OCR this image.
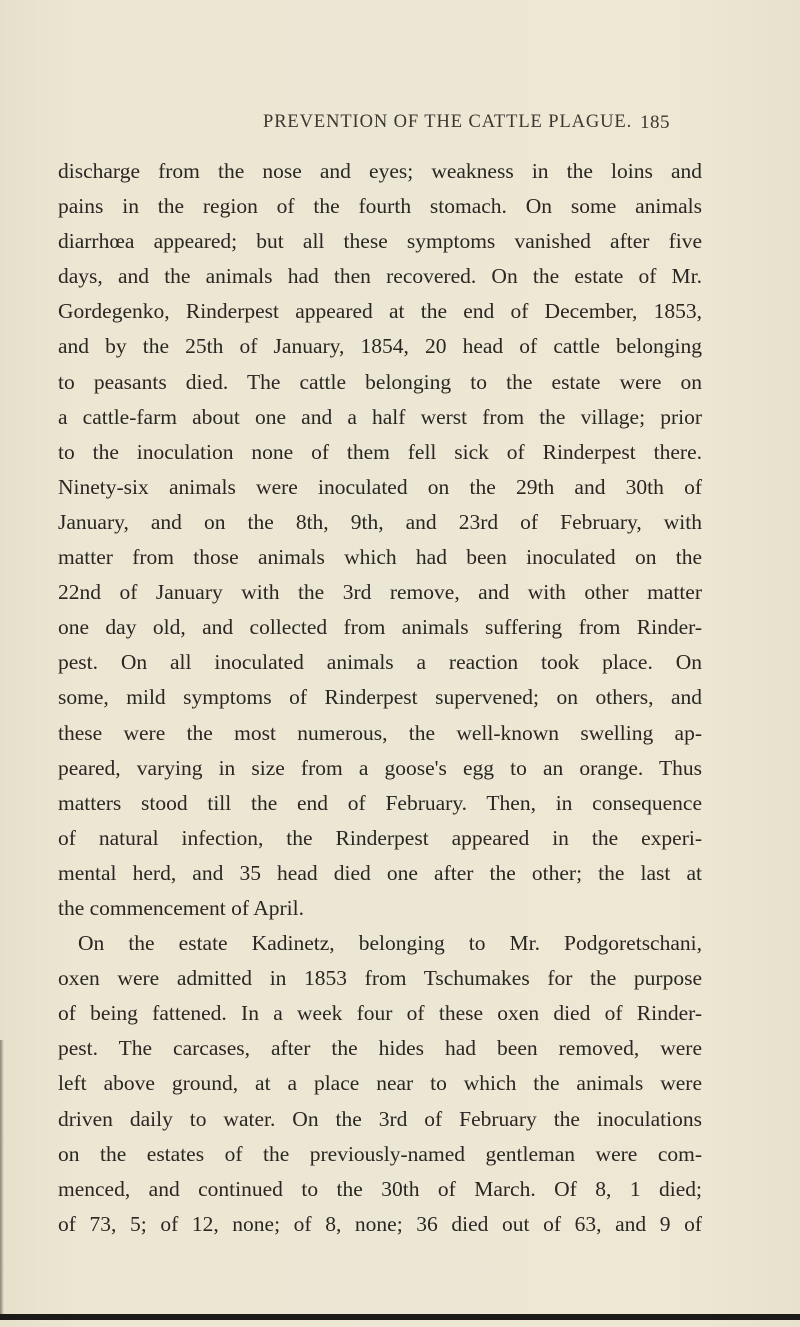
PREVENTION OF THE CATTLE PLAGUE. 185
discharge from the nose and eyes; weakness in the loins and
pains in the region of the fourth stomach. On some animals
diarrhœa appeared; but all these symptoms vanished after five
days, and the animals had then recovered. On the estate of Mr.
Gordegenko, Rinderpest appeared at the end of December, 1853,
and by the 25th of January, 1854, 20 head of cattle belonging
to peasants died. The cattle belonging to the estate were on
a cattle-farm about one and a half werst from the village; prior
to the inoculation none of them fell sick of Rinderpest there.
Ninety-six animals were inoculated on the 29th and 30th of
January, and on the 8th, 9th, and 23rd of February, with
matter from those animals which had been inoculated on the
22nd of January with the 3rd remove, and with other matter
one day old, and collected from animals suffering from Rinder-
pest. On all inoculated animals a reaction took place. On
some, mild symptoms of Rinderpest supervened; on others, and
these were the most numerous, the well-known swelling ap-
peared, varying in size from a goose's egg to an orange. Thus
matters stood till the end of February. Then, in consequence
of natural infection, the Rinderpest appeared in the experi-
mental herd, and 35 head died one after the other; the last at
the commencement of April.
On the estate Kadinetz, belonging to Mr. Podgoretschani,
oxen were admitted in 1853 from Tschumakes for the purpose
of being fattened. In a week four of these oxen died of Rinder-
pest. The carcases, after the hides had been removed, were
left above ground, at a place near to which the animals were
driven daily to water. On the 3rd of February the inoculations
on the estates of the previously-named gentleman were com-
menced, and continued to the 30th of March. Of 8, 1 died;
of 73, 5; of 12, none; of 8, none; 36 died out of 63, and 9 of
